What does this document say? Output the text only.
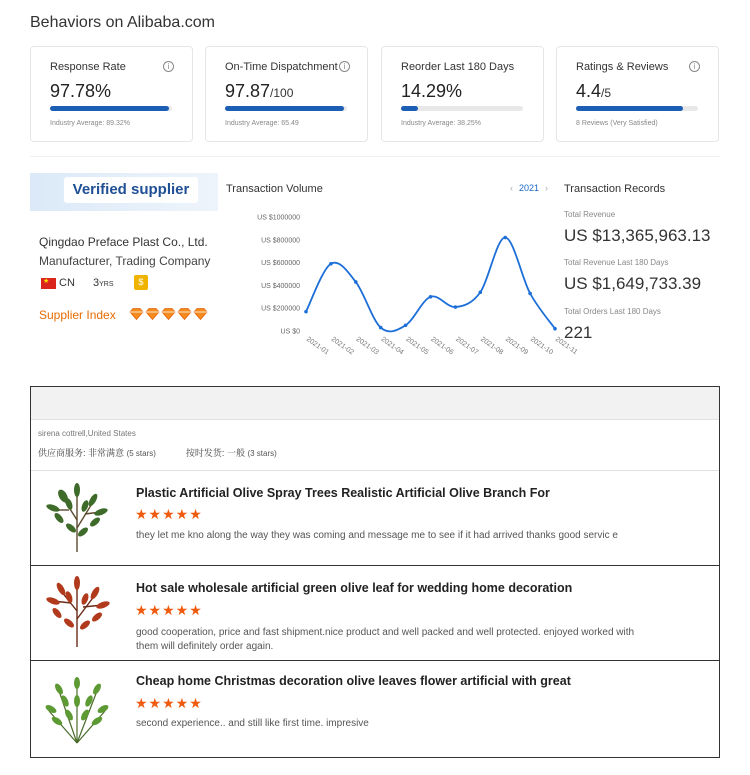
Behaviors on Alibaba.com
Response Rate	i
97.78%
Industry Average: 89.32%
On-Time Dispatchment i
97.87/100
Industry Average: 65.49
Reorder Last 180 Days
14.29%
Industry Average: 38.25%
Ratings & Reviews	i
4.4/5
8 Reviews (Very Satisfied)
Verified supplier
Qingdao Preface Plast Co., Ltd.
Manufacturer, Trading Company
★ CN 3YRS	$
Supplier Index
Transaction Volume	‹ 2021 ›
US $0
US $200000
US $400000
US $600000
US $800000
US $1000000
2021-01 2021-02 2021-03 2021-04 2021-05 2021-06 2021-07 2021-08 2021-09 2021-10 2021-11
Transaction Records
Total Revenue
US $13,365,963.13
Total Revenue Last 180 Days
US $1,649,733.39
Total Orders Last 180 Days
221
sirena cottrell,United States
供应商服务: 非常满意 (5 stars)	按时发货: 一般 (3 stars)
Plastic Artificial Olive Spray Trees Realistic Artificial Olive Branch For
★★★★★
they let me kno along the way they was coming and message me to see if it had arrived thanks good servic e
Hot sale wholesale artificial green olive leaf for wedding home decoration
★★★★★
good cooperation, price and fast shipment.nice product and well packed and well protected. enjoyed worked with them will definitely order again.
Cheap home Christmas decoration olive leaves flower artificial with great
★★★★★
second experience.. and still like first time. impresive
